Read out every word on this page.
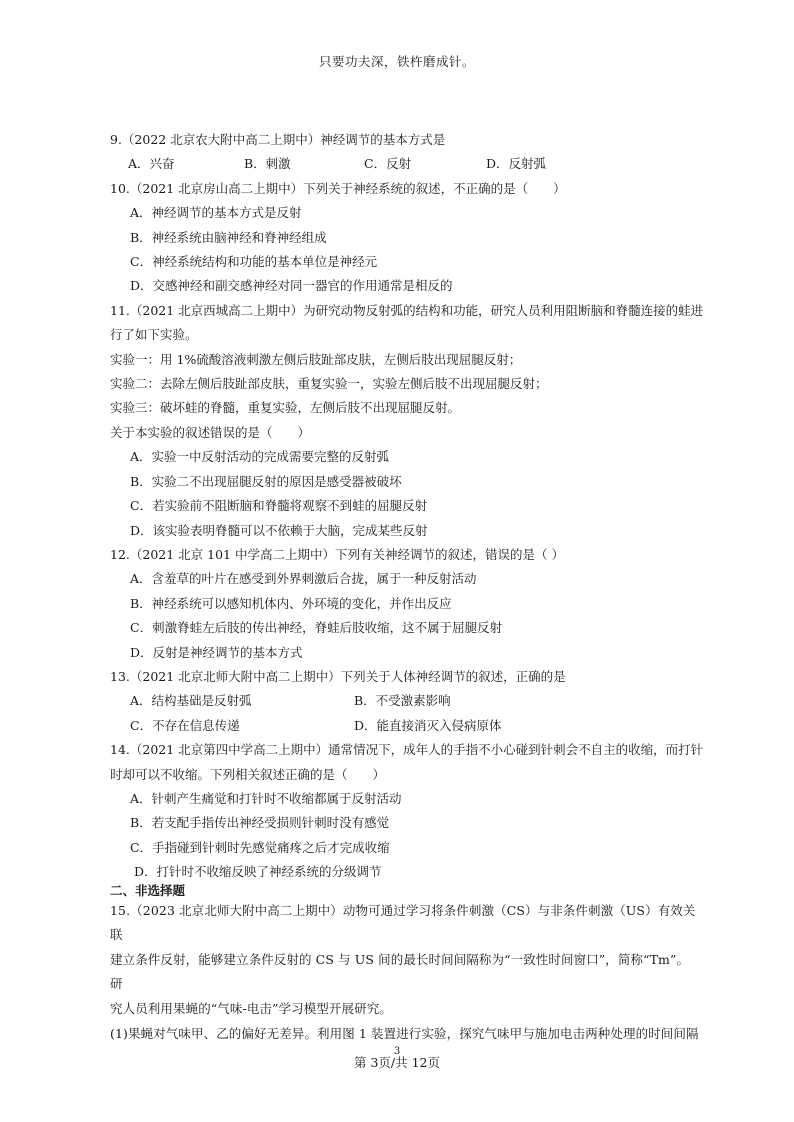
只要功夫深，铁杵磨成针。
9.（2022 北京农大附中高二上期中）神经调节的基本方式是
A．兴奋	B．刺激	C．反射	D．反射弧
10.（2021 北京房山高二上期中）下列关于神经系统的叙述，不正确的是（　　）
A．神经调节的基本方式是反射
B．神经系统由脑神经和脊神经组成
C．神经系统结构和功能的基本单位是神经元
D．交感神经和副交感神经对同一器官的作用通常是相反的
11.（2021 北京西城高二上期中）为研究动物反射弧的结构和功能，研究人员利用阻断脑和脊髓连接的蛙进
行了如下实验。
实验一：用 1%硫酸溶液刺激左侧后肢趾部皮肤，左侧后肢出现屈腿反射；
实验二：去除左侧后肢趾部皮肤，重复实验一，实验左侧后肢不出现屈腿反射；
实验三：破坏蛙的脊髓，重复实验，左侧后肢不出现屈腿反射。
关于本实验的叙述错误的是（　　）
A．实验一中反射活动的完成需要完整的反射弧
B．实验二不出现屈腿反射的原因是感受器被破坏
C．若实验前不阻断脑和脊髓将观察不到蛙的屈腿反射
D．该实验表明脊髓可以不依赖于大脑，完成某些反射
12.（2021 北京 101 中学高二上期中）下列有关神经调节的叙述，错误的是（ ）
A．含羞草的叶片在感受到外界刺激后合拢，属于一种反射活动
B．神经系统可以感知机体内、外环境的变化，并作出反应
C．刺激脊蛙左后肢的传出神经，脊蛙后肢收缩，这不属于屈腿反射
D．反射是神经调节的基本方式
13.（2021 北京北师大附中高二上期中）下列关于人体神经调节的叙述，正确的是
A．结构基础是反射弧	B．不受激素影响
C．不存在信息传递	D．能直接消灭入侵病原体
14.（2021 北京第四中学高二上期中）通常情况下，成年人的手指不小心碰到针刺会不自主的收缩，而打针
时却可以不收缩。下列相关叙述正确的是（　　）
A．针刺产生痛觉和打针时不收缩都属于反射活动
B．若支配手指传出神经受损则针刺时没有感觉
C．手指碰到针刺时先感觉痛疼之后才完成收缩
D．打针时不收缩反映了神经系统的分级调节
二、非选择题
15.（2023 北京北师大附中高二上期中）动物可通过学习将条件刺激（CS）与非条件刺激（US）有效关联
建立条件反射，能够建立条件反射的 CS 与 US 间的最长时间间隔称为“一致性时间窗口”，简称“Tm”。研
究人员利用果蝇的“气味-电击”学习模型开展研究。
(1)果蝇对气味甲、乙的偏好无差异。利用图 1 装置进行实验，探究气味甲与施加电击两种处理的时间间隔
3
第 3页/共 12页
